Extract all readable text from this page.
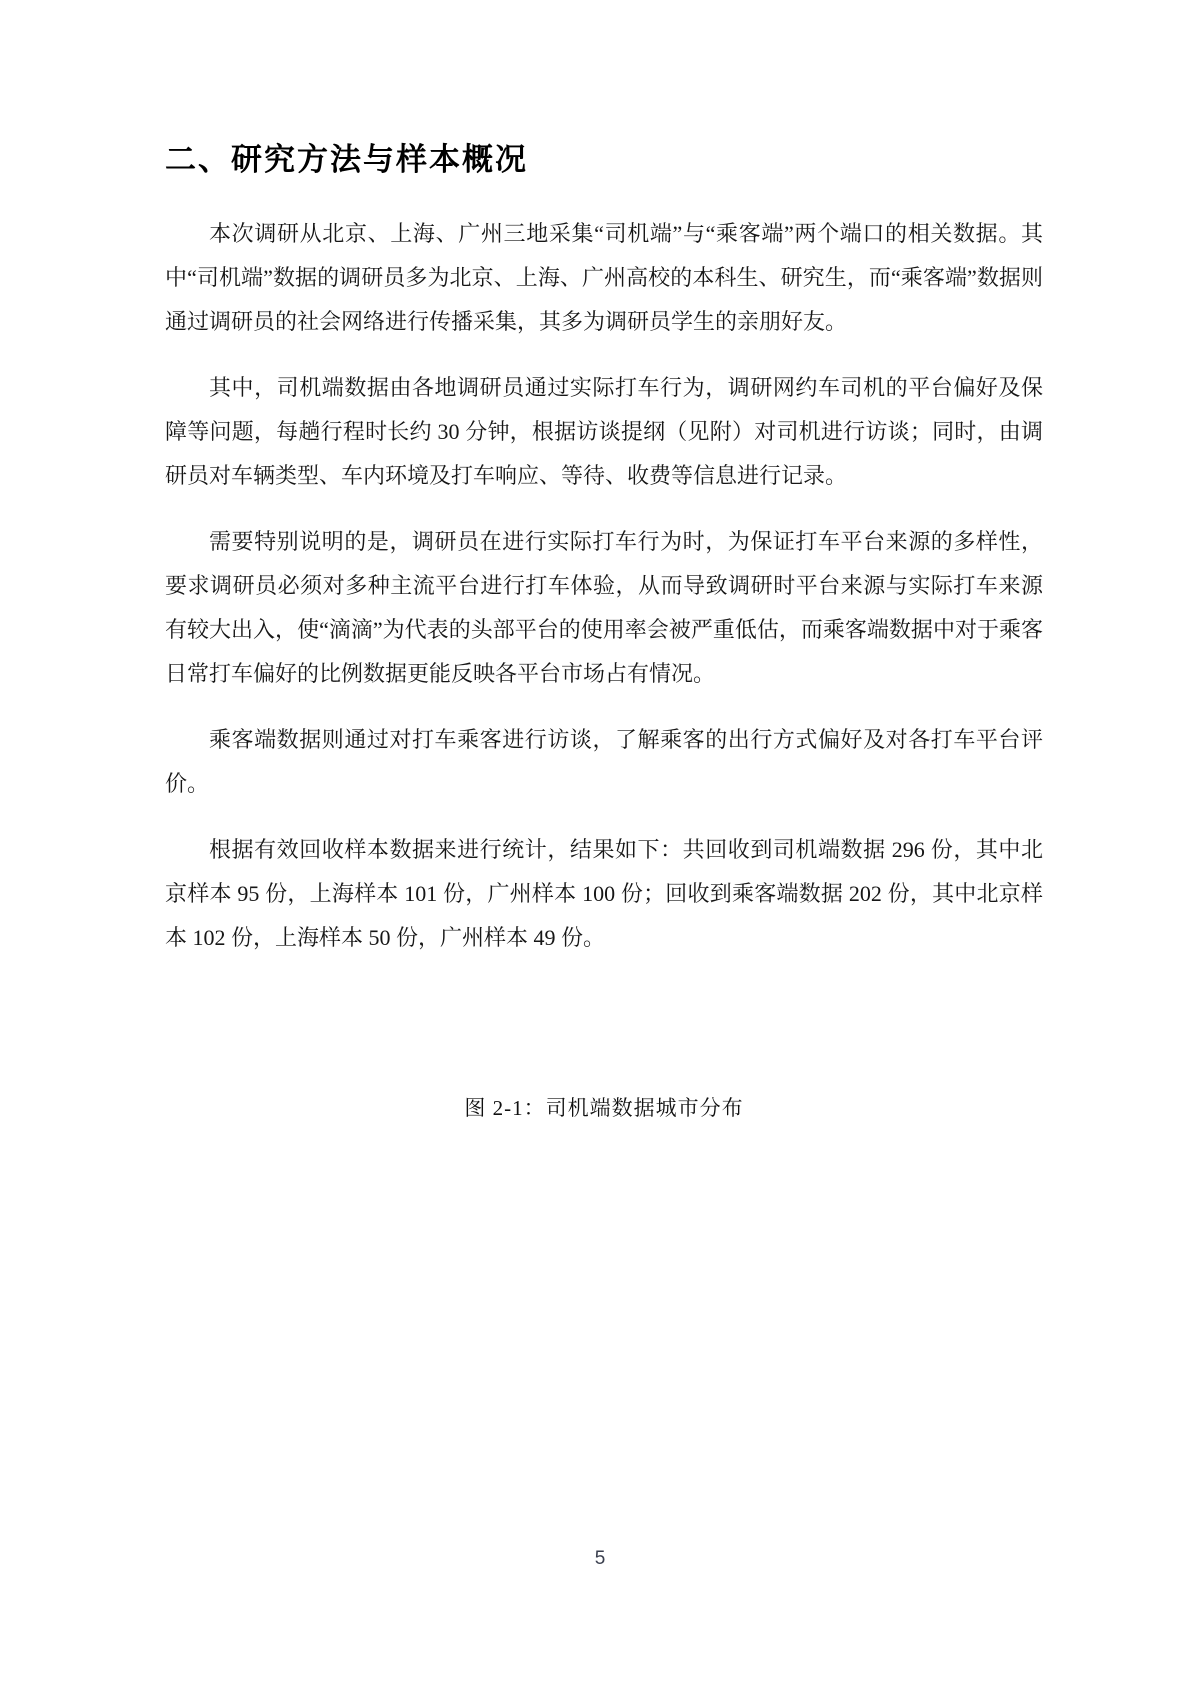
二、研究方法与样本概况

本次调研从北京、上海、广州三地采集“司机端”与“乘客端”两个端口的相关数据。其中“司机端”数据的调研员多为北京、上海、广州高校的本科生、研究生，而“乘客端”数据则通过调研员的社会网络进行传播采集，其多为调研员学生的亲朋好友。

其中，司机端数据由各地调研员通过实际打车行为，调研网约车司机的平台偏好及保障等问题，每趟行程时长约 30 分钟，根据访谈提纲（见附）对司机进行访谈；同时，由调研员对车辆类型、车内环境及打车响应、等待、收费等信息进行记录。

需要特别说明的是，调研员在进行实际打车行为时，为保证打车平台来源的多样性，要求调研员必须对多种主流平台进行打车体验，从而导致调研时平台来源与实际打车来源有较大出入，使“滴滴”为代表的头部平台的使用率会被严重低估，而乘客端数据中对于乘客日常打车偏好的比例数据更能反映各平台市场占有情况。

乘客端数据则通过对打车乘客进行访谈，了解乘客的出行方式偏好及对各打车平台评价。

根据有效回收样本数据来进行统计，结果如下：共回收到司机端数据 296 份，其中北京样本 95 份，上海样本 101 份，广州样本 100 份；回收到乘客端数据 202 份，其中北京样本 102 份，上海样本 50 份，广州样本 49 份。

图 2-1：司机端数据城市分布
5
